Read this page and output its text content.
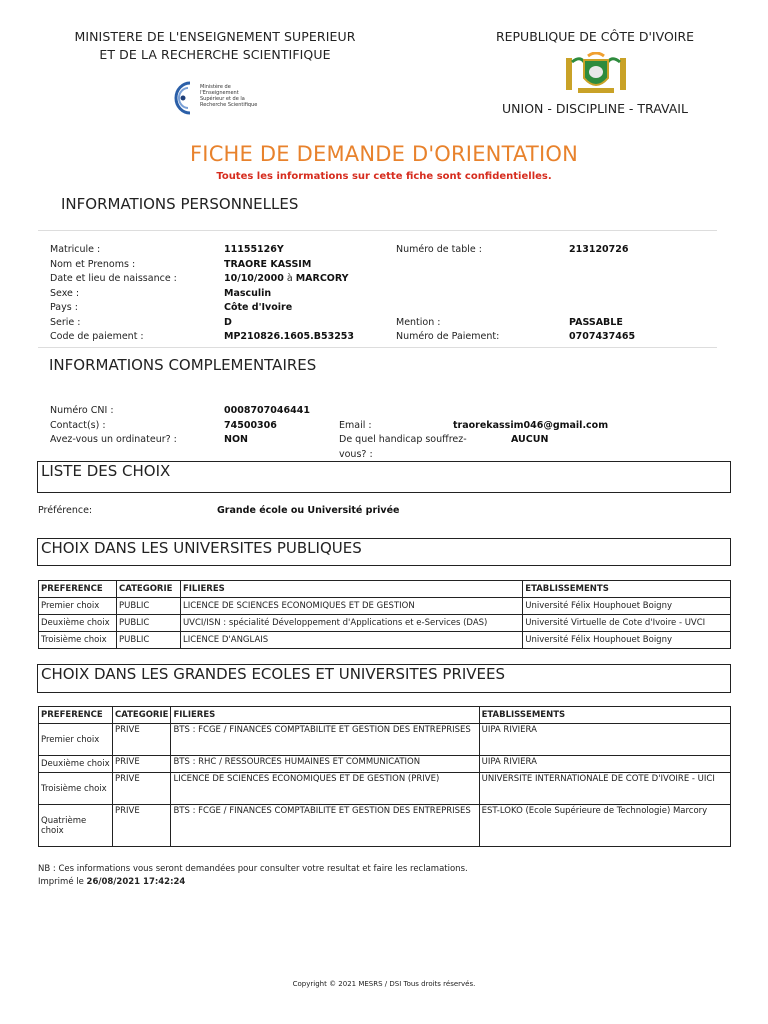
MINISTERE DE L'ENSEIGNEMENT SUPERIEUR
ET DE LA RECHERCHE SCIENTIFIQUE
Ministère de l'Enseignement Supérieur et de la Recherche Scientifique
REPUBLIQUE DE CÔTE D'IVOIRE
UNION - DISCIPLINE - TRAVAIL
FICHE DE DEMANDE D'ORIENTATION
Toutes les informations sur cette fiche sont confidentielles.
INFORMATIONS PERSONNELLES
Matricule :	11155126Y	Numéro de table :	213120726
Nom et Prenoms :	TRAORE KASSIM
Date et lieu de naissance :	10/10/2000 à MARCORY
Sexe :	Masculin
Pays :	Côte d'Ivoire
Serie :	D	Mention :	PASSABLE
Code de paiement :	MP210826.1605.B53253	Numéro de Paiement:	0707437465
INFORMATIONS COMPLEMENTAIRES
Numéro CNI :	0008707046441
Contact(s) :	74500306	Email :	traorekassim046@gmail.com
Avez-vous un ordinateur? :	NON	De quel handicap souffrez-
vous? :
AUCUN
LISTE DES CHOIX
Préférence:	Grande école ou Université privée
CHOIX DANS LES UNIVERSITES PUBLIQUES
PREFERENCE	CATEGORIE	FILIERES	ETABLISSEMENTS
Premier choix	PUBLIC	LICENCE DE SCIENCES ECONOMIQUES ET DE GESTION	Université Félix Houphouet Boigny
Deuxième choix	PUBLIC	UVCI/ISN : spécialité Développement d'Applications et e-Services (DAS)	Université Virtuelle de Cote d'Ivoire - UVCI
Troisième choix	PUBLIC	LICENCE D'ANGLAIS	Université Félix Houphouet Boigny
CHOIX DANS LES GRANDES ECOLES ET UNIVERSITES PRIVEES
PREFERENCE	CATEGORIE	FILIERES	ETABLISSEMENTS
Premier choix	PRIVE	BTS : FCGE / FINANCES COMPTABILITE ET GESTION DES ENTREPRISES	UIPA RIVIERA
Deuxième choix	PRIVE	BTS : RHC / RESSOURCES HUMAINES ET COMMUNICATION	UIPA RIVIERA
Troisième choix	PRIVE	LICENCE DE SCIENCES ECONOMIQUES ET DE GESTION (PRIVE)	UNIVERSITE INTERNATIONALE DE COTE D'IVOIRE - UICI
Quatrième choix	PRIVE	BTS : FCGE / FINANCES COMPTABILITE ET GESTION DES ENTREPRISES	EST-LOKO (Ecole Supérieure de Technologie) Marcory
NB : Ces informations vous seront demandées pour consulter votre resultat et faire les reclamations.
Imprimé le 26/08/2021 17:42:24
Copyright © 2021 MESRS / DSI Tous droits réservés.
